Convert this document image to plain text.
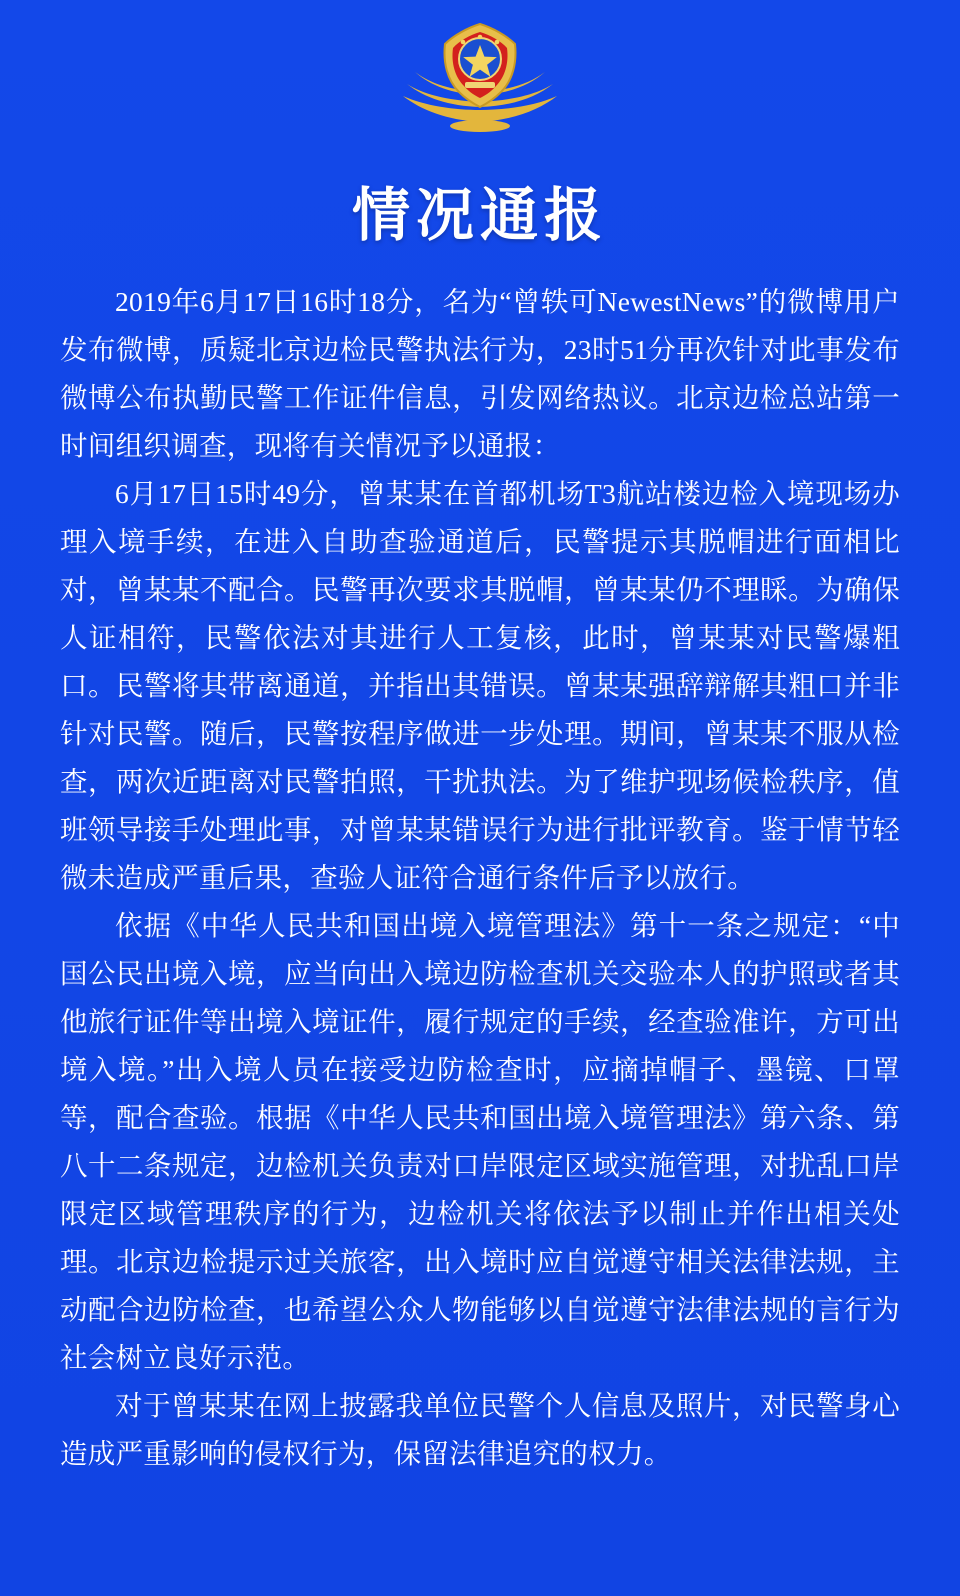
情况通报

2019年6月17日16时18分，名为“曾轶可NewestNews”的微博用户发布微博，质疑北京边检民警执法行为，23时51分再次针对此事发布微博公布执勤民警工作证件信息，引发网络热议。北京边检总站第一时间组织调查，现将有关情况予以通报：

6月17日15时49分，曾某某在首都机场T3航站楼边检入境现场办理入境手续，在进入自助查验通道后，民警提示其脱帽进行面相比对，曾某某不配合。民警再次要求其脱帽，曾某某仍不理睬。为确保人证相符，民警依法对其进行人工复核，此时，曾某某对民警爆粗口。民警将其带离通道，并指出其错误。曾某某强辞辩解其粗口并非针对民警。随后，民警按程序做进一步处理。期间，曾某某不服从检查，两次近距离对民警拍照，干扰执法。为了维护现场候检秩序，值班领导接手处理此事，对曾某某错误行为进行批评教育。鉴于情节轻微未造成严重后果，查验人证符合通行条件后予以放行。

依据《中华人民共和国出境入境管理法》第十一条之规定：“中国公民出境入境，应当向出入境边防检查机关交验本人的护照或者其他旅行证件等出境入境证件，履行规定的手续，经查验准许，方可出境入境。”出入境人员在接受边防检查时，应摘掉帽子、墨镜、口罩等，配合查验。根据《中华人民共和国出境入境管理法》第六条、第八十二条规定，边检机关负责对口岸限定区域实施管理，对扰乱口岸限定区域管理秩序的行为，边检机关将依法予以制止并作出相关处理。北京边检提示过关旅客，出入境时应自觉遵守相关法律法规，主动配合边防检查，也希望公众人物能够以自觉遵守法律法规的言行为社会树立良好示范。

对于曾某某在网上披露我单位民警个人信息及照片，对民警身心造成严重影响的侵权行为，保留法律追究的权力。
